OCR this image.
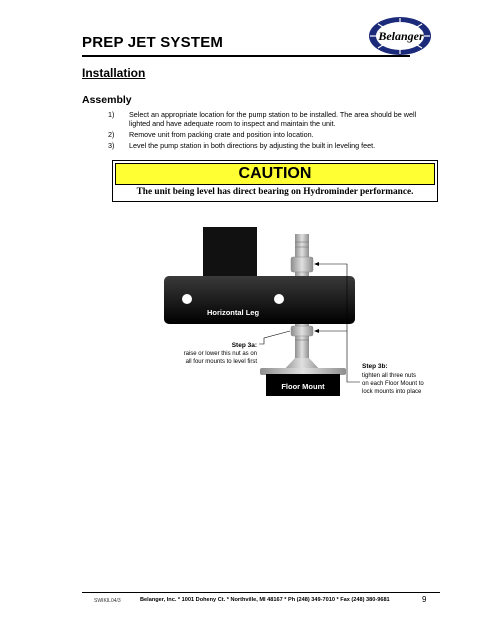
PREP JET SYSTEM	Belanger
Installation
Assembly
1)	Select an appropriate location for the pump station to be installed. The area should be well lighted and have adequate room to inspect and maintain the unit.
2)	Remove unit from packing crate and position into location.
3)	Level the pump station in both directions by adjusting the built in leveling feet.
CAUTION
The unit being level has direct bearing on Hydrominder performance.
Horizontal Leg
Floor Mount
Step 3a:
raise or lower this nut as on
all four mounts to level first
Step 3b:
tighten all three nuts
on each Floor Mount to
lock mounts into place
SWIKIL04/3	Belanger, Inc. * 1001 Doheny Ct. * Northville, MI 48167 * Ph (248) 349-7010 * Fax (248) 380-9681	9
